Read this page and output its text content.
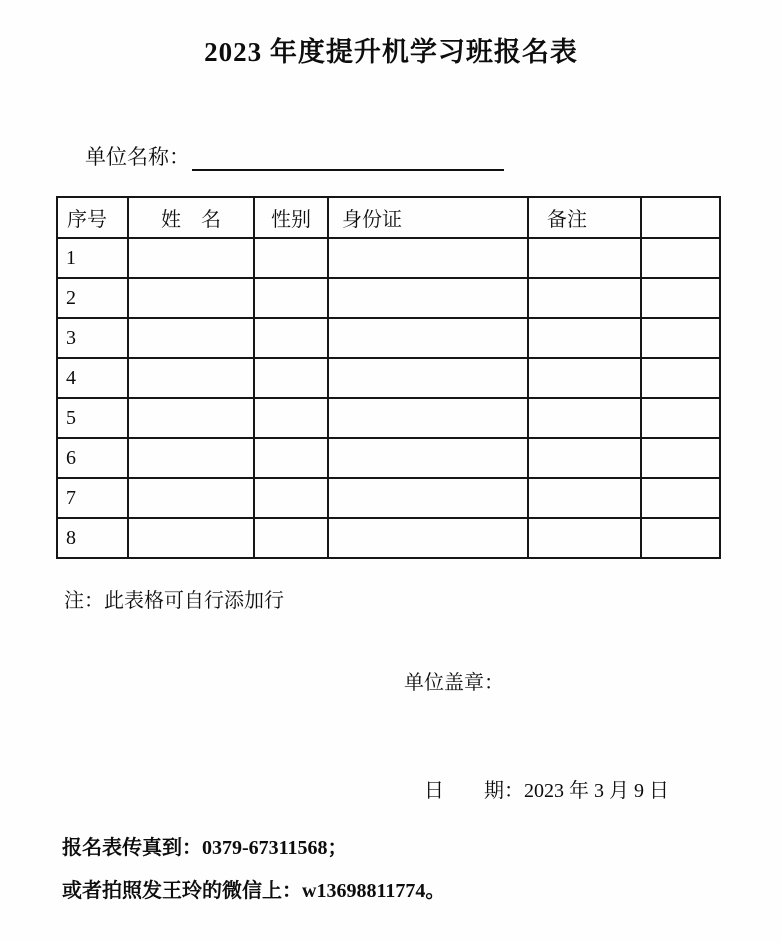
2023 年度提升机学习班报名表

单位名称：

序号	姓　名	性别	身份证	备注	
1					
2					
3					
4					
5					
6					
7					
8					
注：此表格可自行添加行
单位盖章：

日　　期：2023 年 3 月 9 日

报名表传真到：0379-67311568；
或者拍照发王玲的微信上：w13698811774。
